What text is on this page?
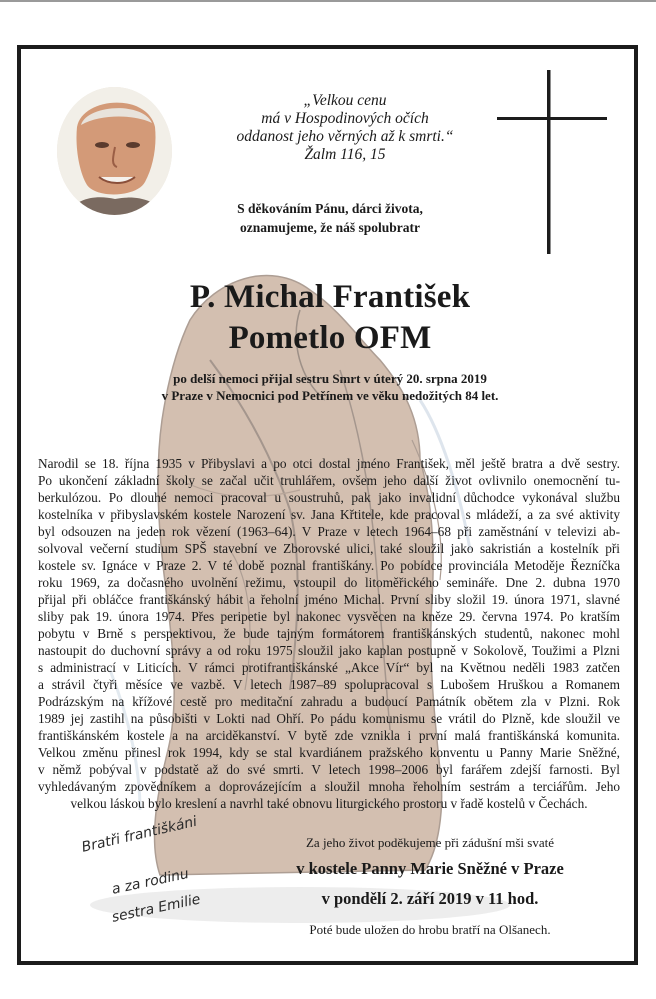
„Velkou cenu
má v Hospodinových očích
oddanost jeho věrných až k smrti.“
Žalm 116, 15
S děkováním Pánu, dárci života,
oznamujeme, že náš spolubratr
P. Michal František
Pometlo OFM
po delší nemoci přijal sestru Smrt v úterý 20. srpna 2019
v Praze v Nemocnici pod Petřínem ve věku nedožitých 84 let.
Narodil se 18. října 1935 v Přibyslavi a po otci dostal jméno František, měl ještě bratra a dvě sestry.
Po ukončení základní školy se začal učit truhlářem, ovšem jeho další život ovlivnilo onemocnění tu-
berkulózou. Po dlouhé nemoci pracoval u soustruhů, pak jako invalidní důchodce vykonával službu
kostelníka v přibyslavském kostele Narození sv. Jana Křtitele, kde pracoval s mládeží, a za své aktivity
byl odsouzen na jeden rok vězení (1963–64). V Praze v letech 1964–68 při zaměstnání v televizi ab-
solvoval večerní studium SPŠ stavební ve Zborovské ulici, také sloužil jako sakristián a kostelník při
kostele sv. Ignáce v Praze 2. V té době poznal františkány. Po pobídce provinciála Metoděje Řezníčka
roku 1969, za dočasného uvolnění režimu, vstoupil do litoměřického semináře. Dne 2. dubna 1970
přijal při obláčce františkánský hábit a řeholní jméno Michal. První sliby složil 19. února 1971, slavné
sliby pak 19. února 1974. Přes peripetie byl nakonec vysvěcen na kněze 29. června 1974. Po kratším
pobytu v Brně s perspektivou, že bude tajným formátorem františkánských studentů, nakonec mohl
nastoupit do duchovní správy a od roku 1975 sloužil jako kaplan postupně v Sokolově, Toužimi a Plzni
s administrací v Liticích. V rámci protifrantiškánské „Akce Vír“ byl na Květnou neděli 1983 zatčen
a strávil čtyři měsíce ve vazbě. V letech 1987–89 spolupracoval s Lubošem Hruškou a Romanem
Podrázským na křížové cestě pro meditační zahradu a budoucí Památník obětem zla v Plzni. Rok
1989 jej zastihl na působišti v Lokti nad Ohří. Po pádu komunismu se vrátil do Plzně, kde sloužil ve
františkánském kostele a na arciděkanství. V bytě zde vznikla i první malá františkánská komunita.
Velkou změnu přinesl rok 1994, kdy se stal kvardiánem pražského konventu u Panny Marie Sněžné,
v němž pobýval v podstatě až do své smrti. V letech 1998–2006 byl farářem zdejší farnosti. Byl
vyhledávaným zpovědníkem a doprovázejícím a sloužil mnoha řeholním sestrám a terciářům. Jeho
velkou láskou bylo kreslení a navrhl také obnovu liturgického prostoru v řadě kostelů v Čechách.
Za jeho život poděkujeme při zádušní mši svaté
v kostele Panny Marie Sněžné v Praze
v pondělí 2. září 2019 v 11 hod.
Poté bude uložen do hrobu bratří na Olšanech.
Bratři františkáni
a za rodinu
sestra Emilie
